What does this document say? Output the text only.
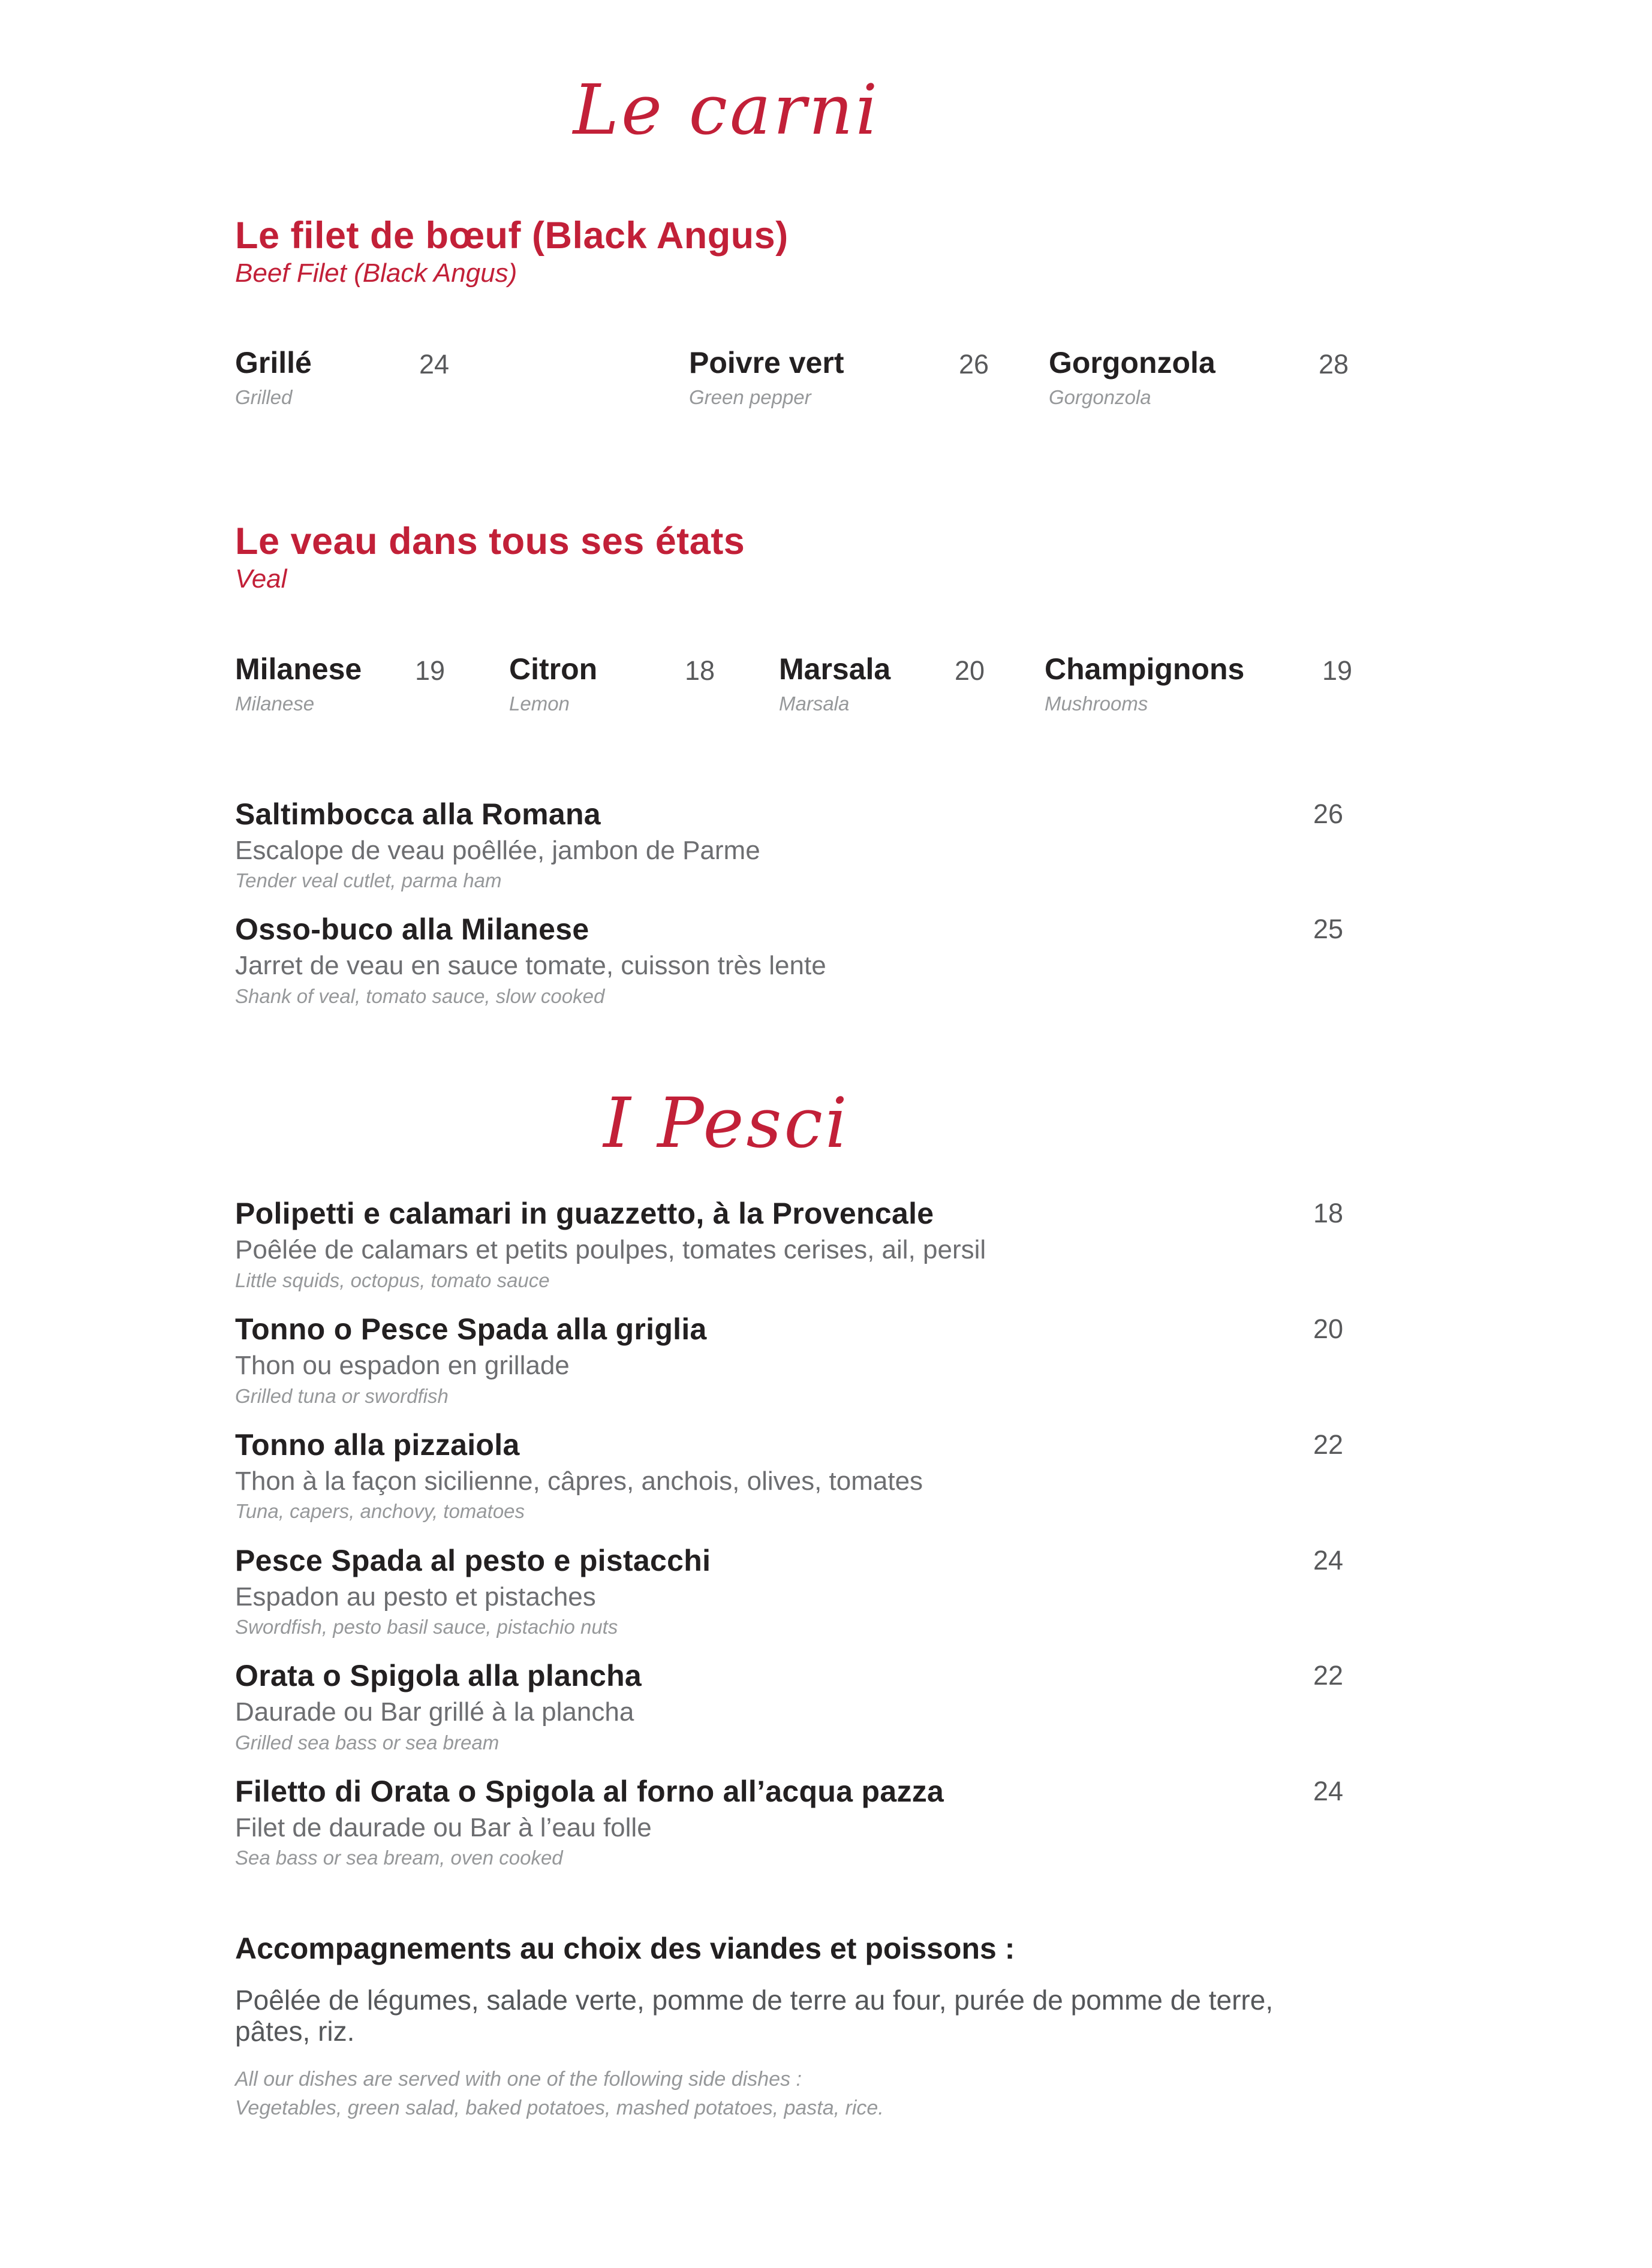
Le carni
Le filet de bœuf (Black Angus)
Beef Filet (Black Angus)
Grillé	24
Grilled
Poivre vert	26
Green pepper
Gorgonzola	28
Gorgonzola
Le veau dans tous ses états
Veal
Milanese 19
Milanese
Citron	18
Lemon
Marsala 20
Marsala
Champignons	19
Mushrooms
Saltimbocca alla Romana	26
Escalope de veau poêllée, jambon de Parme
Tender veal cutlet, parma ham
Osso-buco alla Milanese	25
Jarret de veau en sauce tomate, cuisson très lente
Shank of veal, tomato sauce, slow cooked
I Pesci
Polipetti e calamari in guazzetto, à la Provencale	18
Poêlée de calamars et petits poulpes, tomates cerises, ail, persil
Little squids, octopus, tomato sauce
Tonno o Pesce Spada alla griglia	20
Thon ou espadon en grillade
Grilled tuna or swordfish
Tonno alla pizzaiola	22
Thon à la façon sicilienne, câpres, anchois, olives, tomates
Tuna, capers, anchovy, tomatoes
Pesce Spada al pesto e pistacchi	24
Espadon au pesto et pistaches
Swordfish, pesto basil sauce, pistachio nuts
Orata o Spigola alla plancha	22
Daurade ou Bar grillé à la plancha
Grilled sea bass or sea bream
Filetto di Orata o Spigola al forno all’acqua pazza	24
Filet de daurade ou Bar à l’eau folle
Sea bass or sea bream, oven cooked
Accompagnements au choix des viandes et poissons :
Poêlée de légumes, salade verte, pomme de terre au four, purée de pomme de terre, pâtes, riz.
All our dishes are served with one of the following side dishes :
Vegetables, green salad, baked potatoes, mashed potatoes, pasta, rice.
